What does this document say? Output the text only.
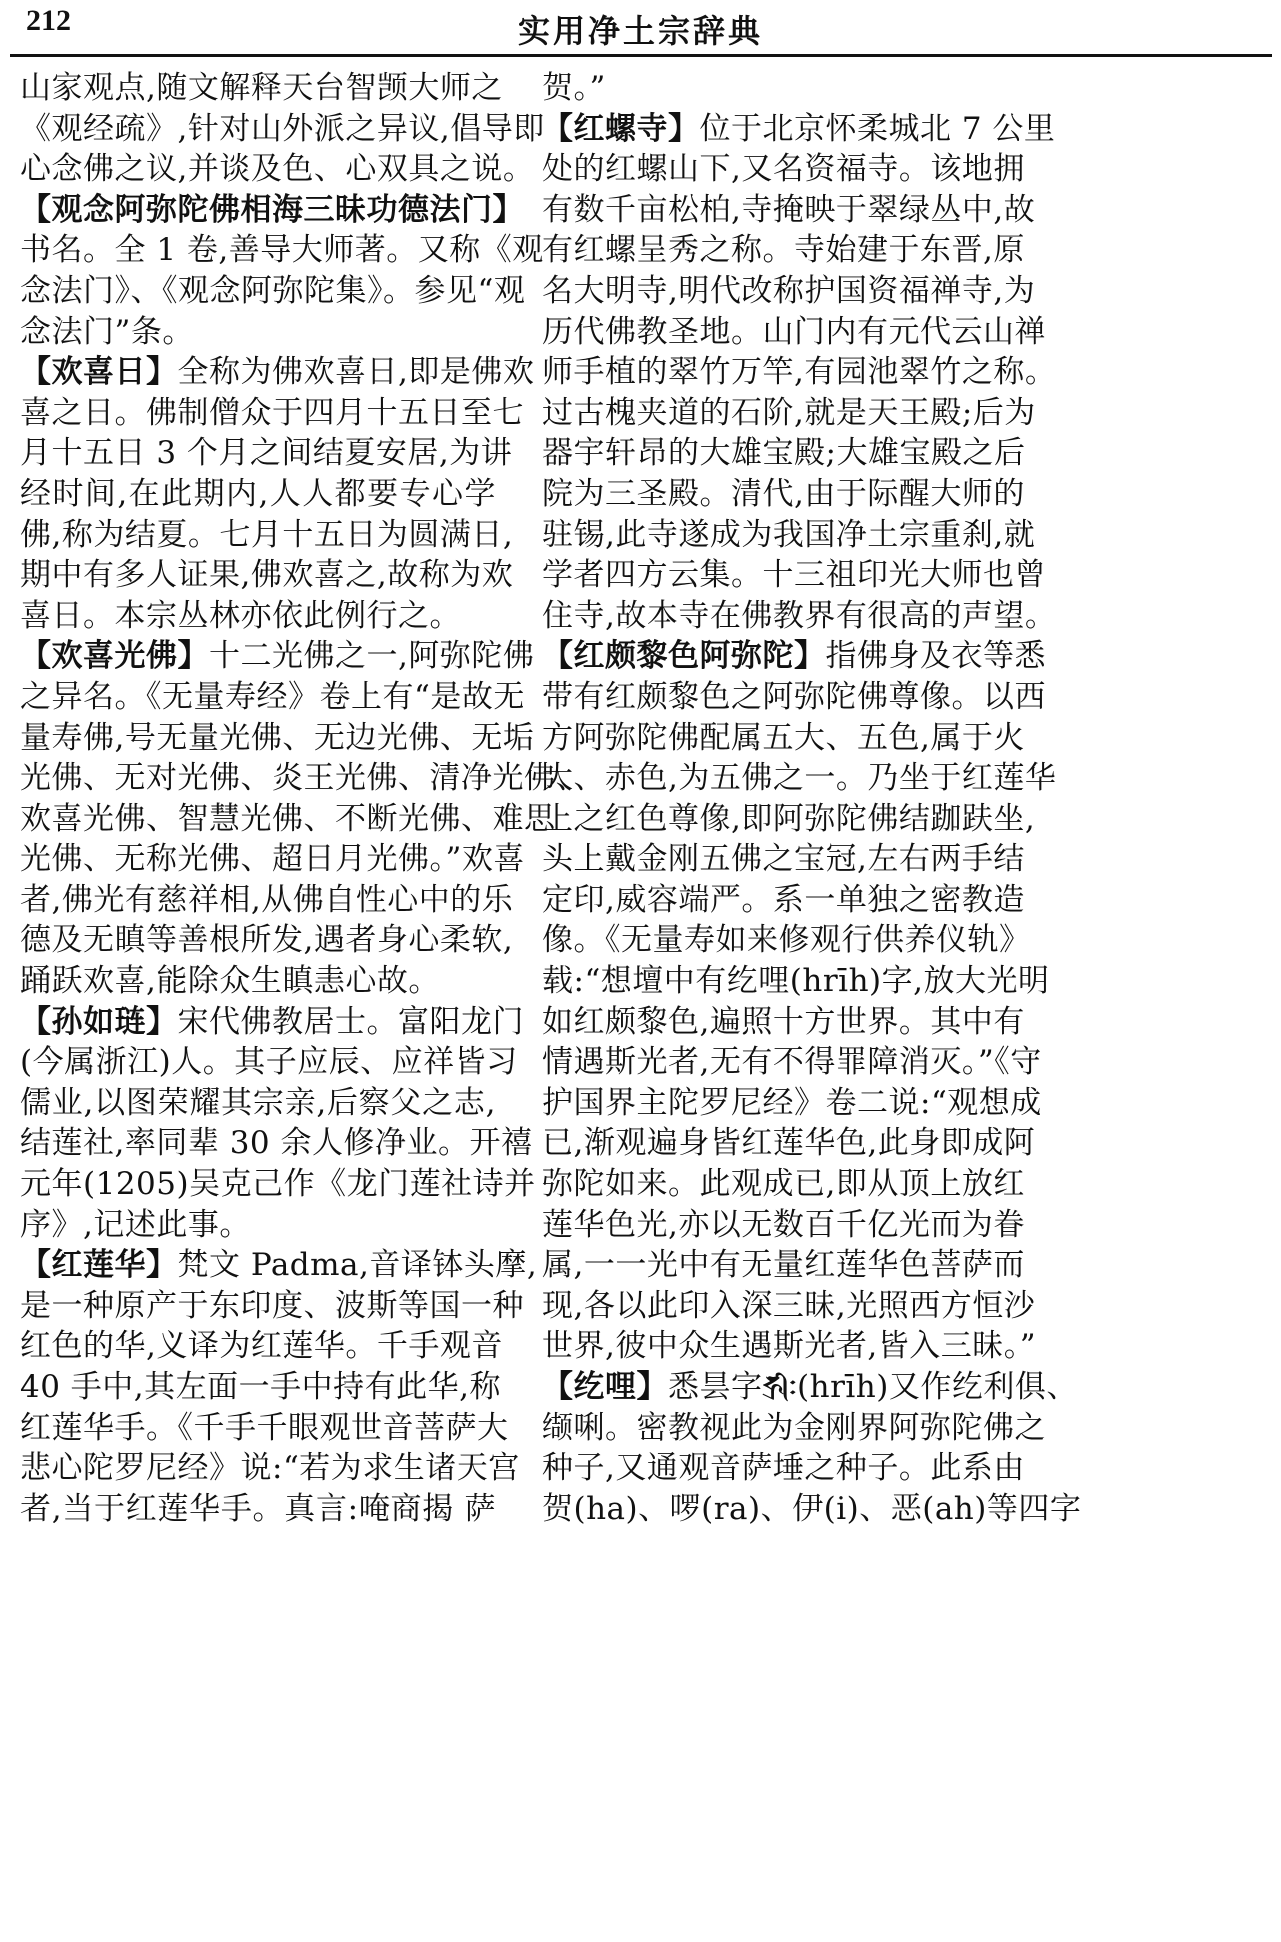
212	实用净土宗辞典
山家观点,随文解释天台智𫖮大师之
《观经疏》,针对山外派之异议,倡导即
心念佛之议,并谈及色、心双具之说。
【观念阿弥陀佛相海三昧功德法门】
书名。全 1 卷,善导大师著。又称《观
念法门》、《观念阿弥陀集》。参见“观
念法门”条。
【欢喜日】全称为佛欢喜日,即是佛欢
喜之日。佛制僧众于四月十五日至七
月十五日 3 个月之间结夏安居,为讲
经时间,在此期内,人人都要专心学
佛,称为结夏。七月十五日为圆满日,
期中有多人证果,佛欢喜之,故称为欢
喜日。本宗丛林亦依此例行之。
【欢喜光佛】十二光佛之一,阿弥陀佛
之异名。《无量寿经》卷上有“是故无
量寿佛,号无量光佛、无边光佛、无垢
光佛、无对光佛、炎王光佛、清净光佛、
欢喜光佛、智慧光佛、不断光佛、难思
光佛、无称光佛、超日月光佛。”欢喜
者,佛光有慈祥相,从佛自性心中的乐
德及无瞋等善根所发,遇者身心柔软,
踊跃欢喜,能除众生瞋恚心故。
【孙如琏】宋代佛教居士。富阳龙门
(今属浙江)人。其子应辰、应祥皆习
儒业,以图荣耀其宗亲,后察父之志,
结莲社,率同辈 30 余人修净业。开禧
元年(1205)吴克己作《龙门莲社诗并
序》,记述此事。
【红莲华】梵文 Padma,音译钵头摩,
是一种原产于东印度、波斯等国一种
红色的华,义译为红莲华。千手观音
40 手中,其左面一手中持有此华,称
红莲华手。《千手千眼观世音菩萨大
悲心陀罗尼经》说:“若为求生诸天宫
者,当于红莲华手。真言:唵商揭 萨
贺。”
【红螺寺】位于北京怀柔城北 7 公里
处的红螺山下,又名资福寺。该地拥
有数千亩松柏,寺掩映于翠绿丛中,故
有红螺呈秀之称。寺始建于东晋,原
名大明寺,明代改称护国资福禅寺,为
历代佛教圣地。山门内有元代云山禅
师手植的翠竹万竿,有园池翠竹之称。
过古槐夹道的石阶,就是天王殿;后为
器宇轩昂的大雄宝殿;大雄宝殿之后
院为三圣殿。清代,由于际醒大师的
驻锡,此寺遂成为我国净土宗重刹,就
学者四方云集。十三祖印光大师也曾
住寺,故本寺在佛教界有很高的声望。
【红颇黎色阿弥陀】指佛身及衣等悉
带有红颇黎色之阿弥陀佛尊像。以西
方阿弥陀佛配属五大、五色,属于火
大、赤色,为五佛之一。乃坐于红莲华
上之红色尊像,即阿弥陀佛结跏趺坐,
头上戴金刚五佛之宝冠,左右两手结
定印,威容端严。系一单独之密教造
像。《无量寿如来修观行供养仪轨》
载:“想壇中有纥哩(hrīh)字,放大光明
如红颇黎色,遍照十方世界。其中有
情遇斯光者,无有不得罪障消灭。”《守
护国界主陀罗尼经》卷二说:“观想成
已,渐观遍身皆红莲华色,此身即成阿
弥陀如来。此观成已,即从顶上放红
莲华色光,亦以无数百千亿光而为眷
属,一一光中有无量红莲华色菩萨而
现,各以此印入深三昧,光照西方恒沙
世界,彼中众生遇斯光者,皆入三昧。”
【纥哩】悉昙字𑖮𑖿𑖨𑖱𑖾(hrīh)又作纥利俱、
缬唎。密教视此为金刚界阿弥陀佛之
种子,又通观音萨埵之种子。此系由
贺(ha)、啰(ra)、伊(i)、恶(ah)等四字
